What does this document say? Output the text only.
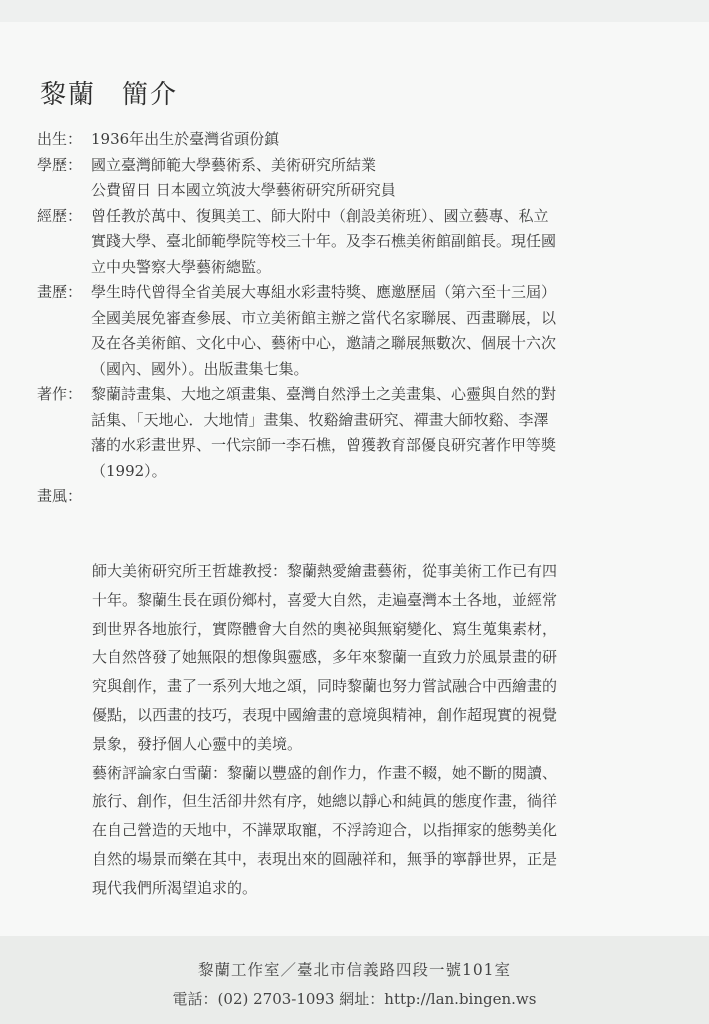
黎蘭 簡介
出生： 1936年出生於臺灣省頭份鎮
學歷： 國立臺灣師範大學藝術系、美術研究所結業
公費留日 日本國立筑波大學藝術研究所研究員
經歷： 曾任教於萬中、復興美工、師大附中（創設美術班）、國立藝專、私立
實踐大學、臺北師範學院等校三十年。及李石樵美術館副館長。現任國
立中央警察大學藝術總監。
畫歷： 學生時代曾得全省美展大專組水彩畫特獎、應邀歷屆（第六至十三屆）
全國美展免審查參展、市立美術館主辦之當代名家聯展、西畫聯展，以
及在各美術館、文化中心、藝術中心，邀請之聯展無數次、個展十六次
（國內、國外）。出版畫集七集。
著作： 黎蘭詩畫集、大地之頌畫集、臺灣自然淨土之美畫集、心靈與自然的對
話集、「天地心．大地情」畫集、牧谿繪畫研究、禪畫大師牧谿、李澤
藩的水彩畫世界、一代宗師一李石樵，曾獲教育部優良研究著作甲等獎
（1992）。
畫風：
師大美術研究所王哲雄教授：黎蘭熱愛繪畫藝術，從事美術工作已有四
十年。黎蘭生長在頭份鄉村，喜愛大自然，走遍臺灣本土各地，並經常
到世界各地旅行，實際體會大自然的奧祕與無窮變化、寫生蒐集素材，
大自然啓發了她無限的想像與靈感，多年來黎蘭一直致力於風景畫的研
究與創作，畫了一系列大地之頌，同時黎蘭也努力嘗試融合中西繪畫的
優點，以西畫的技巧，表現中國繪畫的意境與精神，創作超現實的視覺
景象，發抒個人心靈中的美境。
藝術評論家白雪蘭：黎蘭以豐盛的創作力，作畫不輟，她不斷的閱讀、
旅行、創作，但生活卻井然有序，她總以靜心和純眞的態度作畫，徜徉
在自己營造的天地中，不譁眾取寵，不浮誇迎合，以指揮家的態勢美化
自然的場景而樂在其中，表現出來的圓融祥和，無爭的寧靜世界，正是
現代我們所渴望追求的。
黎蘭工作室／臺北市信義路四段一號101室
電話：(02) 2703-1093 網址：http://lan.bingen.ws
